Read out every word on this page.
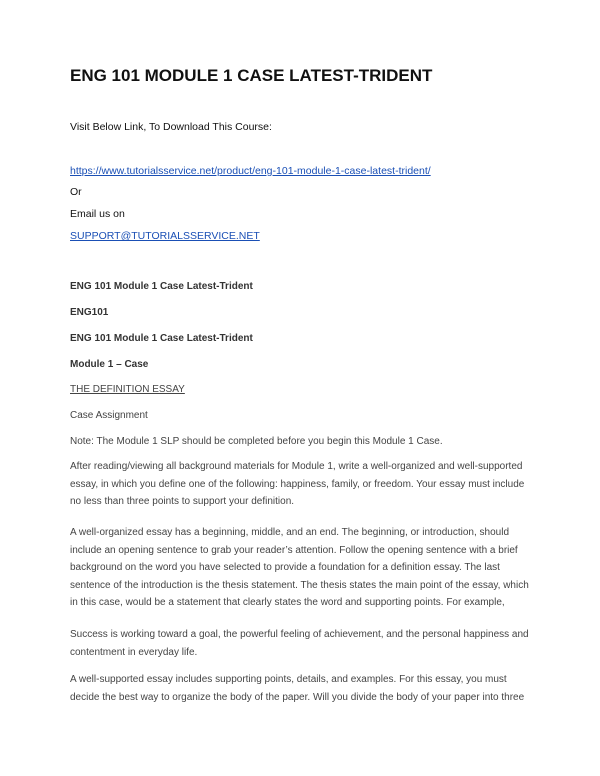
ENG 101 MODULE 1 CASE LATEST-TRIDENT
Visit Below Link, To Download This Course:
https://www.tutorialsservice.net/product/eng-101-module-1-case-latest-trident/
Or
Email us on
SUPPORT@TUTORIALSSERVICE.NET
ENG 101 Module 1 Case Latest-Trident
ENG101
ENG 101 Module 1 Case Latest-Trident
Module 1 – Case
THE DEFINITION ESSAY
Case Assignment
Note: The Module 1 SLP should be completed before you begin this Module 1 Case.
After reading/viewing all background materials for Module 1, write a well-organized and well-supported
essay, in which you define one of the following: happiness, family, or freedom. Your essay must include
no less than three points to support your definition.
A well-organized essay has a beginning, middle, and an end. The beginning, or introduction, should
include an opening sentence to grab your reader’s attention. Follow the opening sentence with a brief
background on the word you have selected to provide a foundation for a definition essay. The last
sentence of the introduction is the thesis statement. The thesis states the main point of the essay, which
in this case, would be a statement that clearly states the word and supporting points. For example,
Success is working toward a goal, the powerful feeling of achievement, and the personal happiness and
contentment in everyday life.
A well-supported essay includes supporting points, details, and examples. For this essay, you must
decide the best way to organize the body of the paper. Will you divide the body of your paper into three
